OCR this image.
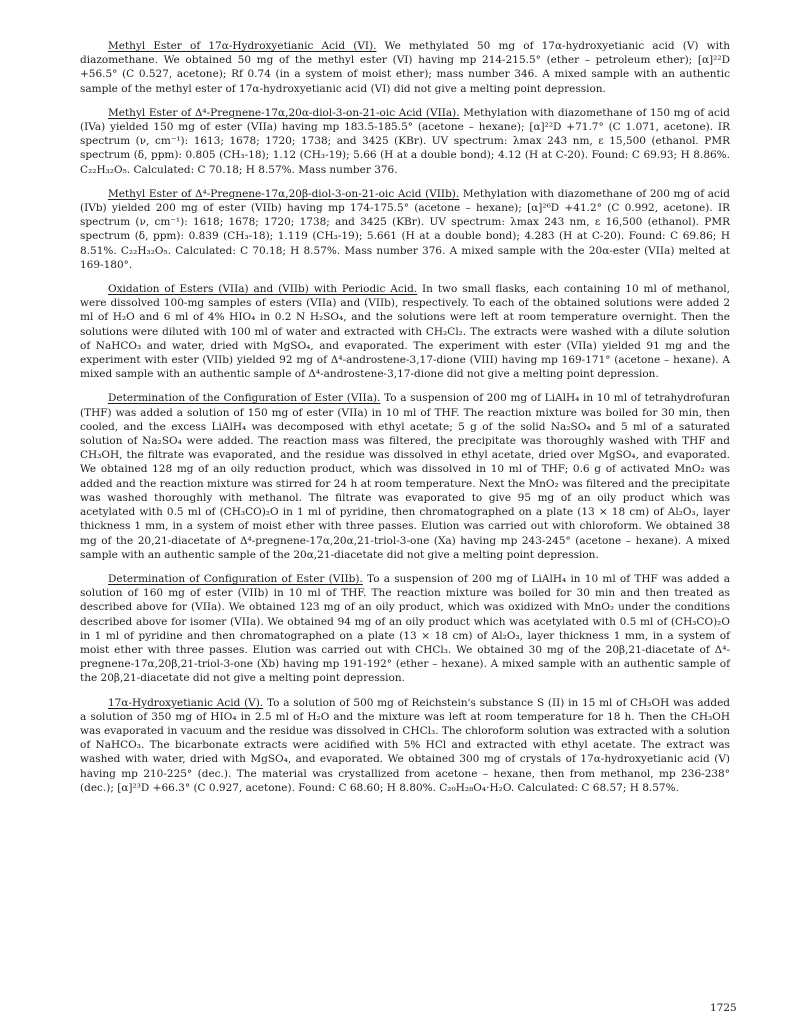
Methyl Ester of 17α-Hydroxyetianic Acid (VI). We methylated 50 mg of 17α-hydroxyetianic acid (V) with diazomethane. We obtained 50 mg of the methyl ester (VI) having mp 214-215.5° (ether – petroleum ether); [α]²²D +56.5° (C 0.527, acetone); Rf 0.74 (in a system of moist ether); mass number 346. A mixed sample with an authentic sample of the methyl ester of 17α-hydroxyetianic acid (VI) did not give a melting point depression.

Methyl Ester of Δ⁴-Pregnene-17α,20α-diol-3-on-21-oic Acid (VIIa). Methylation with diazomethane of 150 mg of acid (IVa) yielded 150 mg of ester (VIIa) having mp 183.5-185.5° (acetone – hexane); [α]²²D +71.7° (C 1.071, acetone). IR spectrum (ν, cm⁻¹): 1613; 1678; 1720; 1738; and 3425 (KBr). UV spectrum: λmax 243 nm, ε 15,500 (ethanol. PMR spectrum (δ, ppm): 0.805 (CH₃-18); 1.12 (CH₃-19); 5.66 (H at a double bond); 4.12 (H at C-20). Found: C 69.93; H 8.86%. C₂₂H₃₂O₅. Calculated: C 70.18; H 8.57%. Mass number 376.

Methyl Ester of Δ⁴-Pregnene-17α,20β-diol-3-on-21-oic Acid (VIIb). Methylation with diazomethane of 200 mg of acid (IVb) yielded 200 mg of ester (VIIb) having mp 174-175.5° (acetone – hexane); [α]²⁶D +41.2° (C 0.992, acetone). IR spectrum (ν, cm⁻¹): 1618; 1678; 1720; 1738; and 3425 (KBr). UV spectrum: λmax 243 nm, ε 16,500 (ethanol). PMR spectrum (δ, ppm): 0.839 (CH₃-18); 1.119 (CH₃-19); 5.661 (H at a double bond); 4.283 (H at C-20). Found: C 69.86; H 8.51%. C₂₂H₃₂O₅. Calculated: C 70.18; H 8.57%. Mass number 376. A mixed sample with the 20α-ester (VIIa) melted at 169-180°.

Oxidation of Esters (VIIa) and (VIIb) with Periodic Acid. In two small flasks, each containing 10 ml of methanol, were dissolved 100-mg samples of esters (VIIa) and (VIIb), respectively. To each of the obtained solutions were added 2 ml of H₂O and 6 ml of 4% HIO₄ in 0.2 N H₂SO₄, and the solutions were left at room temperature overnight. Then the solutions were diluted with 100 ml of water and extracted with CH₂Cl₂. The extracts were washed with a dilute solution of NaHCO₃ and water, dried with MgSO₄, and evaporated. The experiment with ester (VIIa) yielded 91 mg and the experiment with ester (VIIb) yielded 92 mg of Δ⁴-androstene-3,17-dione (VIII) having mp 169-171° (acetone – hexane). A mixed sample with an authentic sample of Δ⁴-androstene-3,17-dione did not give a melting point depression.

Determination of the Configuration of Ester (VIIa). To a suspension of 200 mg of LiAlH₄ in 10 ml of tetrahydrofuran (THF) was added a solution of 150 mg of ester (VIIa) in 10 ml of THF. The reaction mixture was boiled for 30 min, then cooled, and the excess LiAlH₄ was decomposed with ethyl acetate; 5 g of the solid Na₂SO₄ and 5 ml of a saturated solution of Na₂SO₄ were added. The reaction mass was filtered, the precipitate was thoroughly washed with THF and CH₃OH, the filtrate was evaporated, and the residue was dissolved in ethyl acetate, dried over MgSO₄, and evaporated. We obtained 128 mg of an oily reduction product, which was dissolved in 10 ml of THF; 0.6 g of activated MnO₂ was added and the reaction mixture was stirred for 24 h at room temperature. Next the MnO₂ was filtered and the precipitate was washed thoroughly with methanol. The filtrate was evaporated to give 95 mg of an oily product which was acetylated with 0.5 ml of (CH₃CO)₂O in 1 ml of pyridine, then chromatographed on a plate (13 × 18 cm) of Al₂O₃, layer thickness 1 mm, in a system of moist ether with three passes. Elution was carried out with chloroform. We obtained 38 mg of the 20,21-diacetate of Δ⁴-pregnene-17α,20α,21-triol-3-one (Xa) having mp 243-245° (acetone – hexane). A mixed sample with an authentic sample of the 20α,21-diacetate did not give a melting point depression.

Determination of Configuration of Ester (VIIb). To a suspension of 200 mg of LiAlH₄ in 10 ml of THF was added a solution of 160 mg of ester (VIIb) in 10 ml of THF. The reaction mixture was boiled for 30 min and then treated as described above for (VIIa). We obtained 123 mg of an oily product, which was oxidized with MnO₂ under the conditions described above for isomer (VIIa). We obtained 94 mg of an oily product which was acetylated with 0.5 ml of (CH₃CO)₂O in 1 ml of pyridine and then chromatographed on a plate (13 × 18 cm) of Al₂O₃, layer thickness 1 mm, in a system of moist ether with three passes. Elution was carried out with CHCl₃. We obtained 30 mg of the 20β,21-diacetate of Δ⁴-pregnene-17α,20β,21-triol-3-one (Xb) having mp 191-192° (ether – hexane). A mixed sample with an authentic sample of the 20β,21-diacetate did not give a melting point depression.

17α-Hydroxyetianic Acid (V). To a solution of 500 mg of Reichstein's substance S (II) in 15 ml of CH₃OH was added a solution of 350 mg of HIO₄ in 2.5 ml of H₂O and the mixture was left at room temperature for 18 h. Then the CH₃OH was evaporated in vacuum and the residue was dissolved in CHCl₃. The chloroform solution was extracted with a solution of NaHCO₃. The bicarbonate extracts were acidified with 5% HCl and extracted with ethyl acetate. The extract was washed with water, dried with MgSO₄, and evaporated. We obtained 300 mg of crystals of 17α-hydroxyetianic acid (V) having mp 210-225° (dec.). The material was crystallized from acetone – hexane, then from methanol, mp 236-238° (dec.); [α]²³D +66.3° (C 0.927, acetone). Found: C 68.60; H 8.80%. C₂₀H₂₈O₄·H₂O. Calculated: C 68.57; H 8.57%.

1725
